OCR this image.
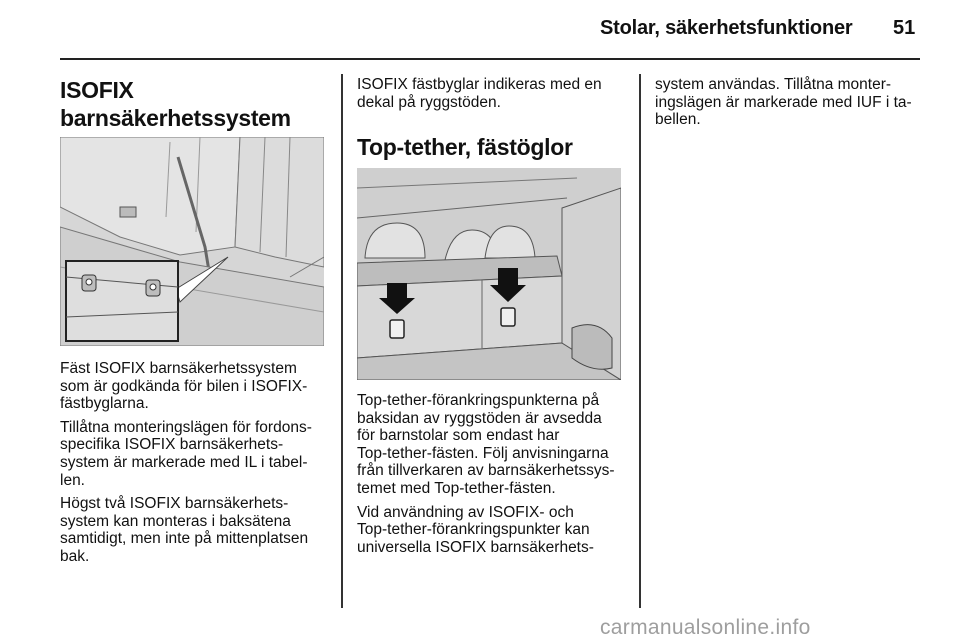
Stolar, säkerhetsfunktioner 51
ISOFIX
barnsäkerhetssystem

Fäst ISOFIX barnsäkerhetssystem
som är godkända för bilen i ISOFIX-
fästbyglarna.

Tillåtna monteringslägen för fordons-
specifika ISOFIX barnsäkerhets-
system är markerade med IL i tabel-
len.

Högst två ISOFIX barnsäkerhets-
system kan monteras i baksätena
samtidigt, men inte på mittenplatsen
bak.

ISOFIX fästbyglar indikeras med en
dekal på ryggstöden.

Top-tether, fästöglor

Top-tether-förankringspunkterna på
baksidan av ryggstöden är avsedda
för barnstolar som endast har
Top-tether-fästen. Följ anvisningarna
från tillverkaren av barnsäkerhetssys-
temet med Top-tether-fästen.

Vid användning av ISOFIX- och
Top-tether-förankringspunkter kan
universella ISOFIX barnsäkerhets-

system användas. Tillåtna monter-
ingslägen är markerade med IUF i ta-
bellen.

carmanualsonline.info
